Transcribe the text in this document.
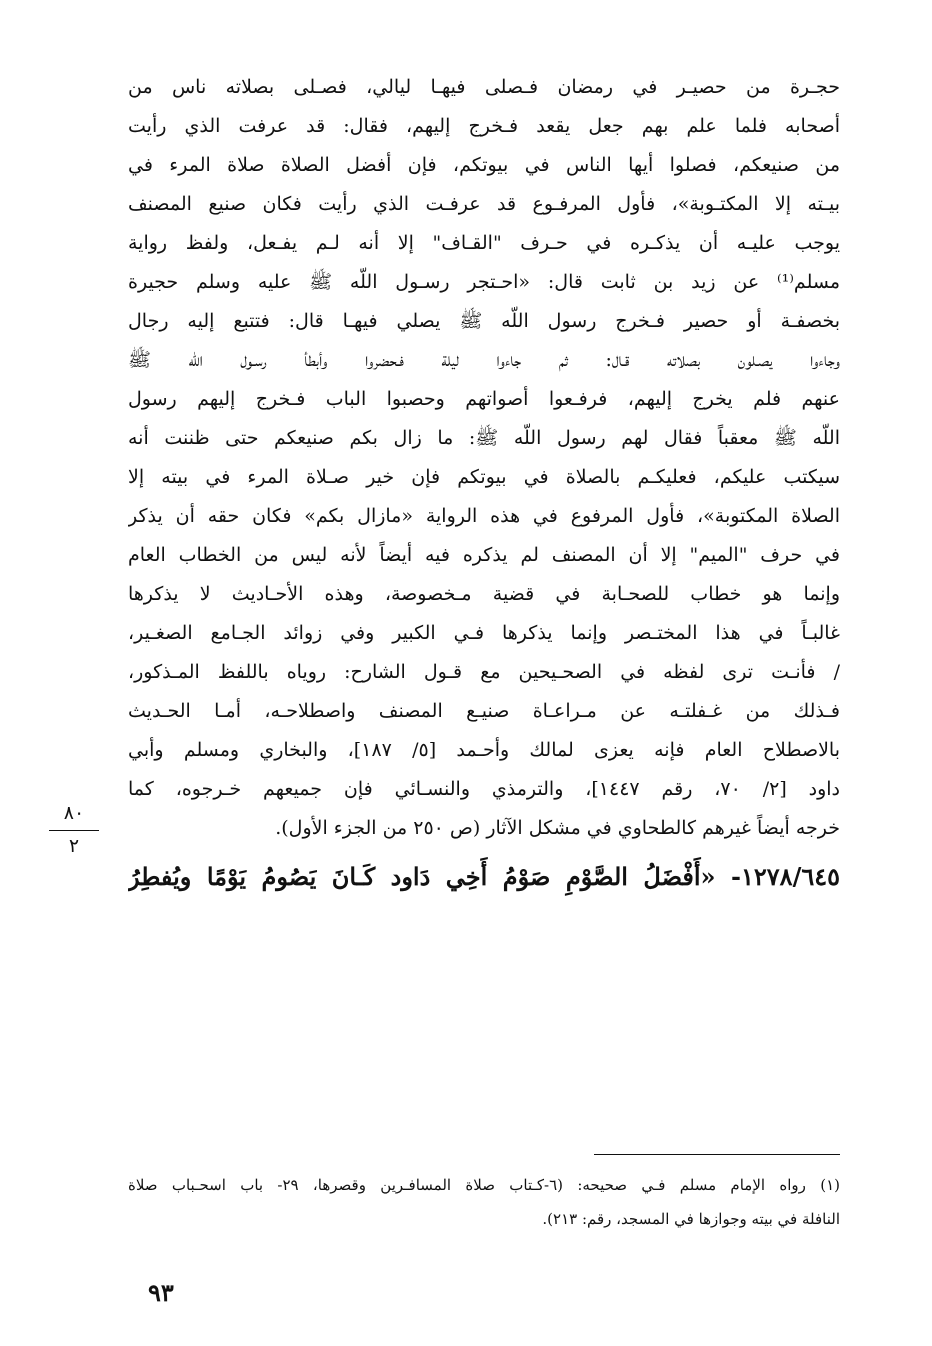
حجـرة من حصيـر في رمضان فـصلى فيهـا ليالي، فصـلى بصلاته ناس من
أصحابه فلما علم بهم جعل يقعد فـخرج إليهم، فقال: قد عرفت الذي رأيت
من صنيعكم، فصلوا أيها الناس في بيوتكم، فإن أفضل الصلاة صلاة المرء في
بيـته إلا المكتـوبة»، فأول المرفـوع قد عرفـت الذي رأيت فكان صنيع المصنف
يوجب عليـه أن يذكـره في حـرف "القـاف" إلا أنه لـم يفـعل، ولفظ رواية
مسلم⁽¹⁾ عن زيد بن ثابت قال: «احـتجر رسـول اللّه ﷺ عليه وسلم حجيرة
بخصفـة أو حصير فـخرج رسول اللّه ﷺ يصلي فيهـا قال: فتتبع إليه رجال
وجاءوا يصـلون بصلاته قـال: ثم جاءوا ليلة فـحضروا وأبطأ رسـول اللّه ﷺ
عنهم فلم يخرج إليهم، فرفـعوا أصواتهم وحصبوا الباب فـخرج إليهم رسول
اللّه ﷺ معقباً فقال لهم رسول اللّه ﷺ: ما زال بكم صنيعكم حتى ظننت أنه
سيكتب عليكم، فعليكـم بالصلاة في بيوتكم فإن خير صـلاة المرء في بيته إلا
الصلاة المكتوبة»، فأول المرفوع في هذه الرواية «مازال بكم» فكان حقه أن يذكر
في حرف "الميم" إلا أن المصنف لم يذكره فيه أيضاً لأنه ليس من الخطاب العام
وإنما هو خطاب للصحـابة في قضية مـخصوصة، وهذه الأحـاديث لا يذكرها
غالبـاً في هذا المختـصر وإنما يذكرها فـي الكبير وفي زوائد الجـامع الصغـير،
/ فأنـت ترى لفظه في الصحـيحين مع قـول الشارح: روياه باللفظ المـذكور،
فـذلك من غـفلتـه عن مـراعـاة صنيـع المصنف واصطلاحـه، أمـا الحـديث
بالاصطلاح العام فإنه يعزى لمالك وأحـمد [٥/ ١٨٧]، والبخاري ومسلم وأبي
داود [٢/ ٧٠، رقم ١٤٤٧]، والترمذي والنسـائي فإن جميعهم خـرجوه، كما
خرجه أيضاً غيرهم كالطحاوي في مشكل الآثار (ص ٢٥٠ من الجزء الأول).
١٢٧٨/٦٤٥- «أَفْضَلُ الصَّوْمِ صَوْمُ أَخِي دَاود كَـانَ يَصُومُ يَوْمًا ويُفطِرُ
٨٠
٢
(١) رواه الإمام مسلم فـي صحيحه: (٦-كـتاب صلاة المسافـرين وقصرها، ٢٩- باب اسحـباب صلاة
النافلة في بيته وجوازها في المسجد، رقم: ٢١٣).
٩٣
